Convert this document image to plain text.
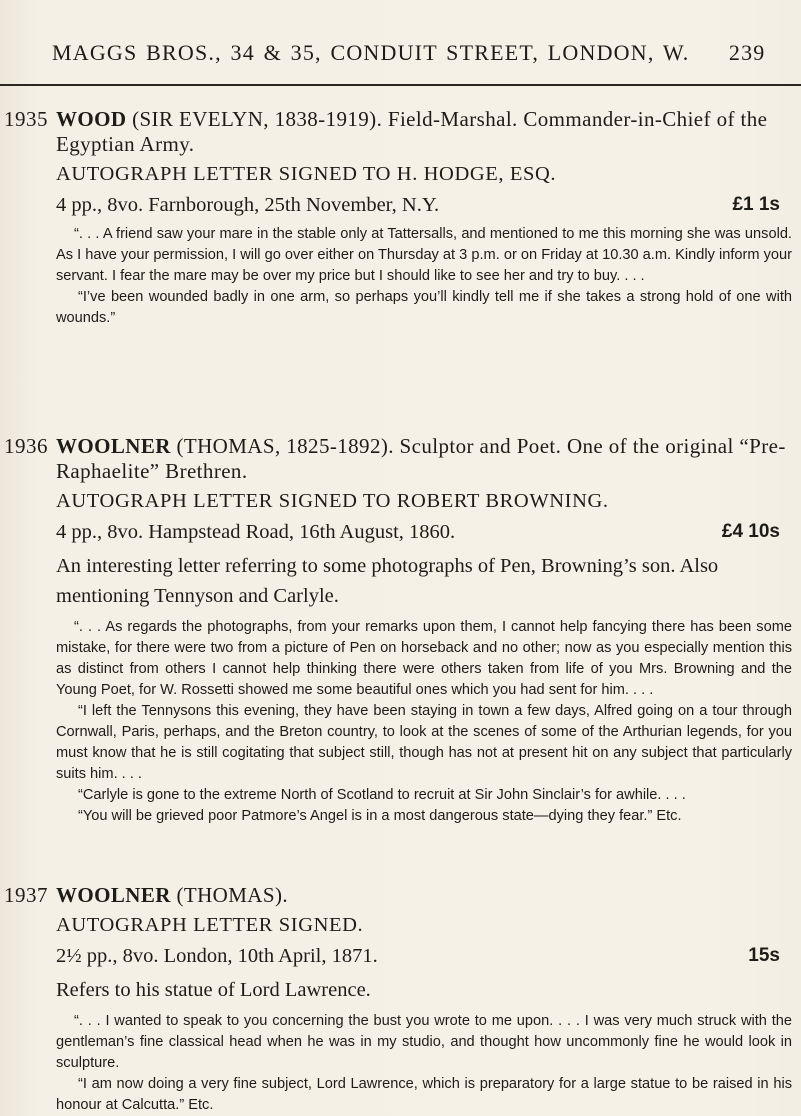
MAGGS BROS., 34 & 35, CONDUIT STREET, LONDON, W. 239
1935 WOOD (SIR EVELYN, 1838-1919). Field-Marshal. Commander-in-Chief of the Egyptian Army.
AUTOGRAPH LETTER SIGNED TO H. HODGE, ESQ.
4 pp., 8vo. Farnborough, 25th November, N.Y.	£1 1s

“. . . A friend saw your mare in the stable only at Tattersalls, and mentioned to me this morning she was unsold. As I have your permission, I will go over either on Thursday at 3 p.m. or on Friday at 10.30 a.m. Kindly inform your servant. I fear the mare may be over my price but I should like to see her and try to buy. . . .

“I’ve been wounded badly in one arm, so perhaps you’ll kindly tell me if she takes a strong hold of one with wounds.”

1936 WOOLNER (THOMAS, 1825-1892). Sculptor and Poet. One of the original “Pre-Raphaelite” Brethren.
AUTOGRAPH LETTER SIGNED TO ROBERT BROWNING.
4 pp., 8vo. Hampstead Road, 16th August, 1860.	£4 10s
An interesting letter referring to some photographs of Pen, Browning’s son. Also mentioning Tennyson and Carlyle.

“. . . As regards the photographs, from your remarks upon them, I cannot help fancying there has been some mistake, for there were two from a picture of Pen on horseback and no other; now as you especially mention this as distinct from others I cannot help thinking there were others taken from life of you Mrs. Browning and the Young Poet, for W. Rossetti showed me some beautiful ones which you had sent for him. . . .

“I left the Tennysons this evening, they have been staying in town a few days, Alfred going on a tour through Cornwall, Paris, perhaps, and the Breton country, to look at the scenes of some of the Arthurian legends, for you must know that he is still cogitating that subject still, though has not at present hit on any subject that particularly suits him. . . .

“Carlyle is gone to the extreme North of Scotland to recruit at Sir John Sinclair’s for awhile. . . .

“You will be grieved poor Patmore’s Angel is in a most dangerous state—dying they fear.” Etc.

1937 WOOLNER (THOMAS).
AUTOGRAPH LETTER SIGNED.
2½ pp., 8vo. London, 10th April, 1871.	15s
Refers to his statue of Lord Lawrence.

“. . . I wanted to speak to you concerning the bust you wrote to me upon. . . . I was very much struck with the gentleman’s fine classical head when he was in my studio, and thought how uncommonly fine he would look in sculpture.

“I am now doing a very fine subject, Lord Lawrence, which is preparatory for a large statue to be raised in his honour at Calcutta.” Etc.
